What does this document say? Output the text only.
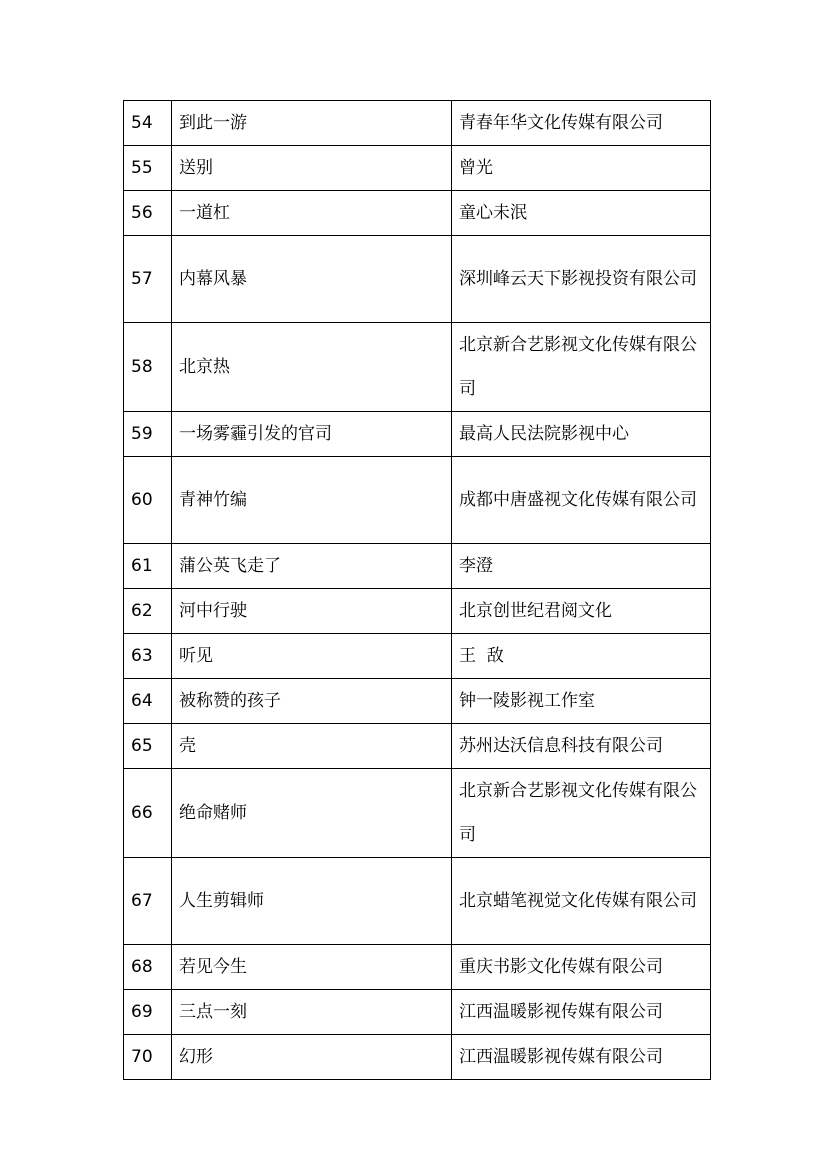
54	到此一游	青春年华文化传媒有限公司
55	送别	曾光
56	一道杠	童心未泯
57	内幕风暴	深圳峰云天下影视投资有限公司
58	北京热	北京新合艺影视文化传媒有限公司
59	一场雾霾引发的官司	最高人民法院影视中心
60	青神竹编	成都中唐盛视文化传媒有限公司
61	蒲公英飞走了	李澄
62	河中行驶	北京创世纪君阅文化
63	听见	王  敌
64	被称赞的孩子	钟一陵影视工作室
65	壳	苏州达沃信息科技有限公司
66	绝命赌师	北京新合艺影视文化传媒有限公司
67	人生剪辑师	北京蜡笔视觉文化传媒有限公司
68	若见今生	重庆书影文化传媒有限公司
69	三点一刻	江西温暖影视传媒有限公司
70	幻形	江西温暖影视传媒有限公司
